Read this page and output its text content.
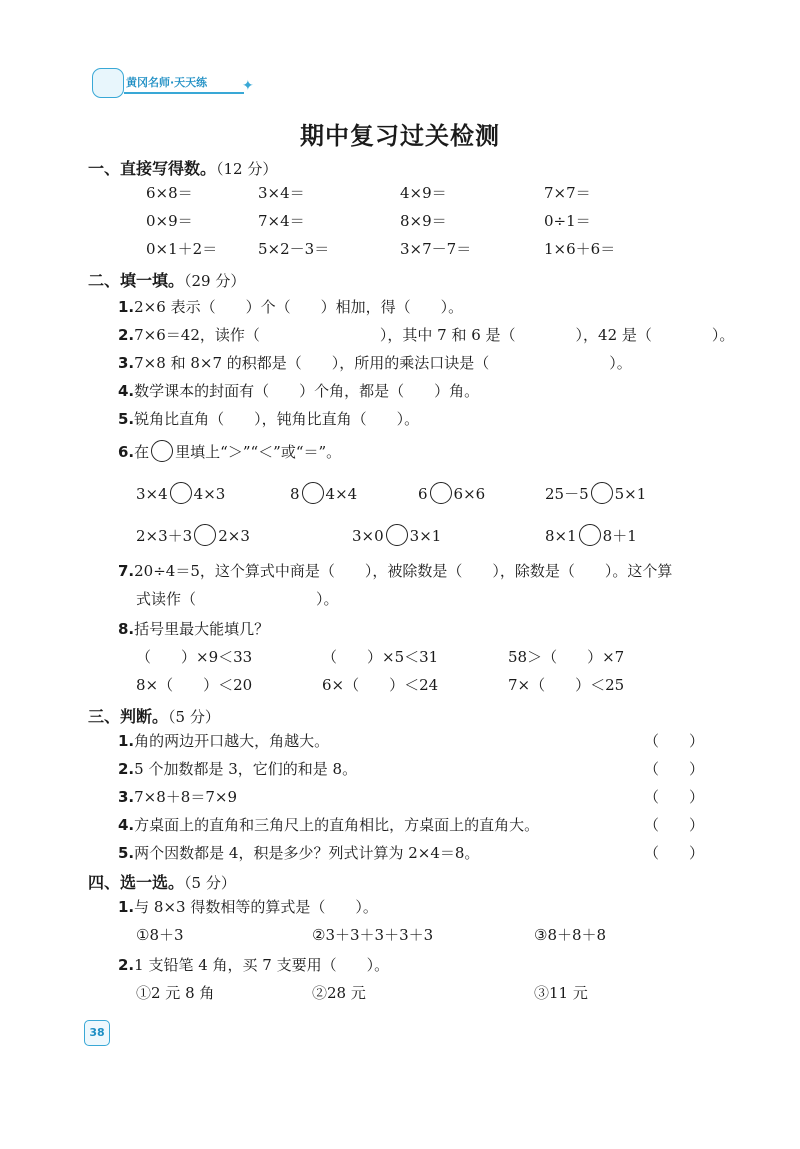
黄冈名师·天天练 ✦
期中复习过关检测
一、直接写得数。（12 分）
6×8＝	3×4＝	4×9＝	7×7＝
0×9＝	7×4＝	8×9＝	0÷1＝
0×1＋2＝	5×2－3＝	3×7－7＝	1×6＋6＝
二、填一填。（29 分）
1.2×6 表示（　　）个（　　）相加，得（　　）。
2.7×6＝42，读作（　　　　　　　　），其中 7 和 6 是（　　　　），42 是（　　　　）。
3.7×8 和 8×7 的积都是（　　），所用的乘法口诀是（　　　　　　　　）。
4.数学课本的封面有（　　）个角，都是（　　）角。
5.锐角比直角（　　），钝角比直角（　　）。
6.在 里填上“＞”“＜”或“＝”。
3×4 4×3	8 4×4	6 6×6	25－5 5×1
2×3＋3 2×3	3×0 3×1	8×1 8＋1
7.20÷4＝5，这个算式中商是（　　），被除数是（　　），除数是（　　）。这个算
式读作（　　　　　　　　）。
8.括号里最大能填几？
（　　）×9＜33	（　　）×5＜31	58＞（　　）×7
8×（　　）＜20	6×（　　）＜24	7×（　　）＜25
三、判断。（5 分）
1.角的两边开口越大，角越大。	（　　）
2.5 个加数都是 3，它们的和是 8。	（　　）
3.7×8＋8＝7×9	（　　）
4.方桌面上的直角和三角尺上的直角相比，方桌面上的直角大。	（　　）
5.两个因数都是 4，积是多少？列式计算为 2×4＝8。	（　　）
四、选一选。（5 分）
1.与 8×3 得数相等的算式是（　　）。
①8＋3	②3＋3＋3＋3＋3	③8＋8＋8
2.1 支铅笔 4 角，买 7 支要用（　　）。
①2 元 8 角	②28 元	③11 元
38
